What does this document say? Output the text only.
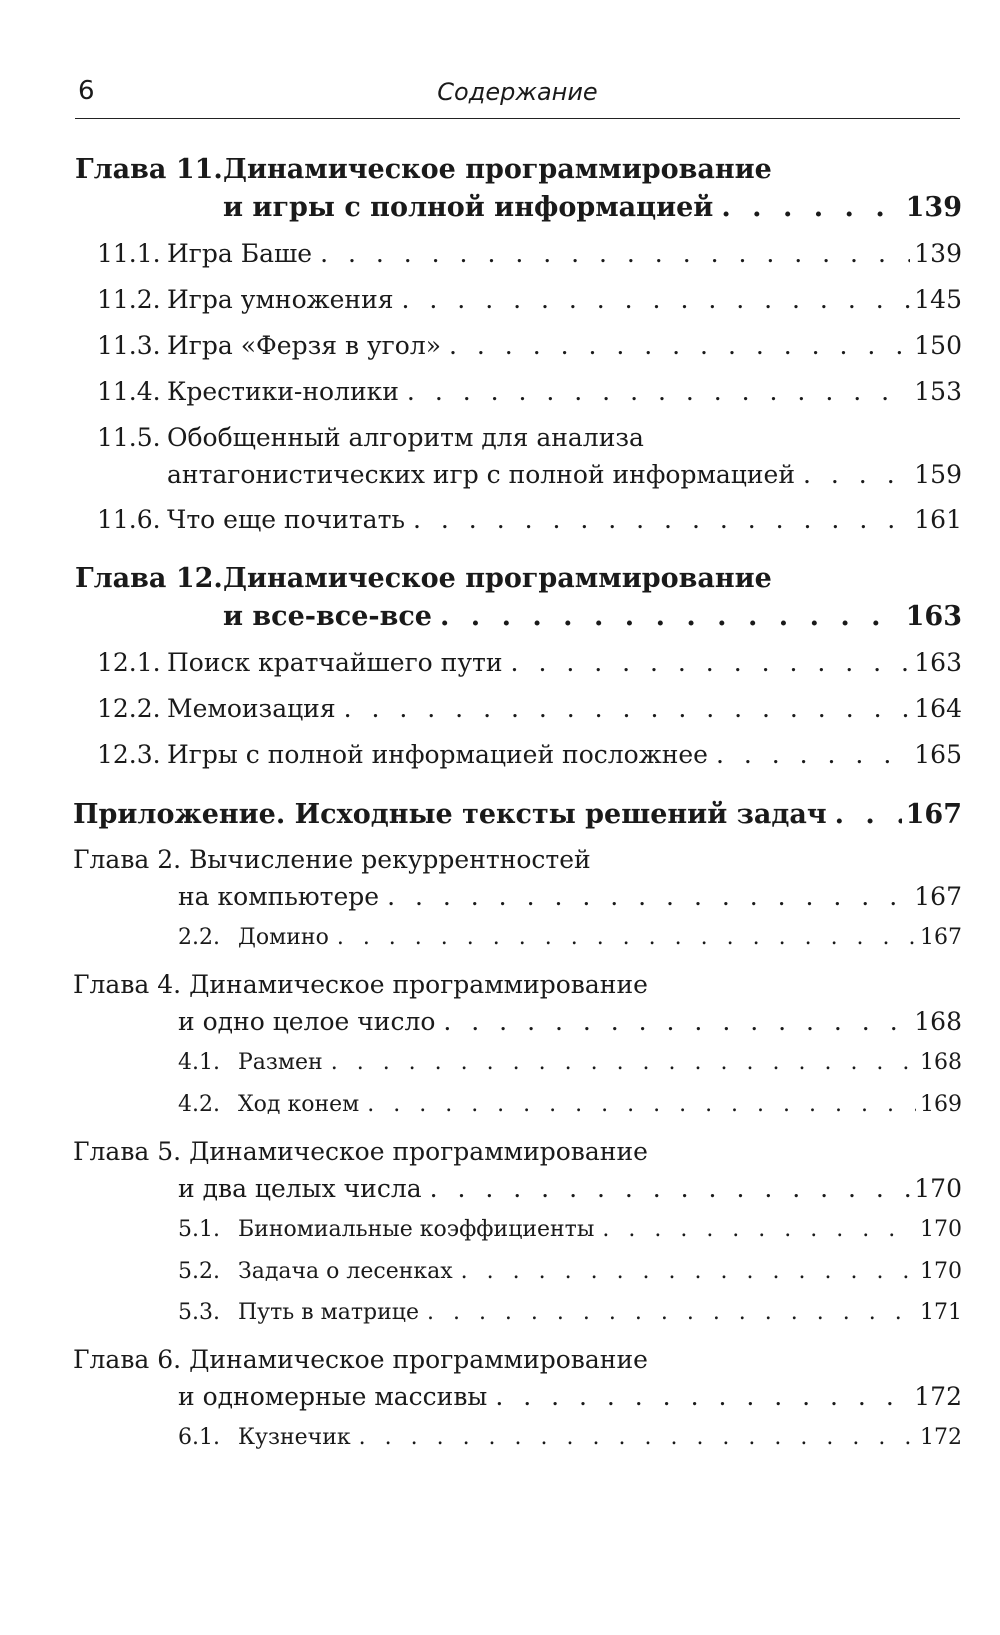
6	Содержание
Глава 11. Динамическое программирование
и игры с полной информацией . . .	139
11.1. Игра Баше . . .	139
11.2. Игра умножения . . .	145
11.3. Игра «Ферзя в угол» . . .	150
11.4. Крестики-нолики . . .	153
11.5. Обобщенный алгоритм для анализа
антагонистических игр с полной информацией . . .	159
11.6. Что еще почитать . . .	161
Глава 12. Динамическое программирование
и все-все-все . . .	163
12.1. Поиск кратчайшего пути . . .	163
12.2. Мемоизация . . .	164
12.3. Игры с полной информацией посложнее . . .	165
Приложение. Исходные тексты решений задач . . .	167
Глава 2. Вычисление рекуррентностей
на компьютере . . .	167
2.2. Домино . . .	167
Глава 4. Динамическое программирование
и одно целое число . . .	168
4.1. Размен . . .	168
4.2. Ход конем . . .	169
Глава 5. Динамическое программирование
и два целых числа . . .	170
5.1. Биномиальные коэффициенты . . .	170
5.2. Задача о лесенках . . .	170
5.3. Путь в матрице . . .	171
Глава 6. Динамическое программирование
и одномерные массивы . . .	172
6.1. Кузнечик . . .	172
